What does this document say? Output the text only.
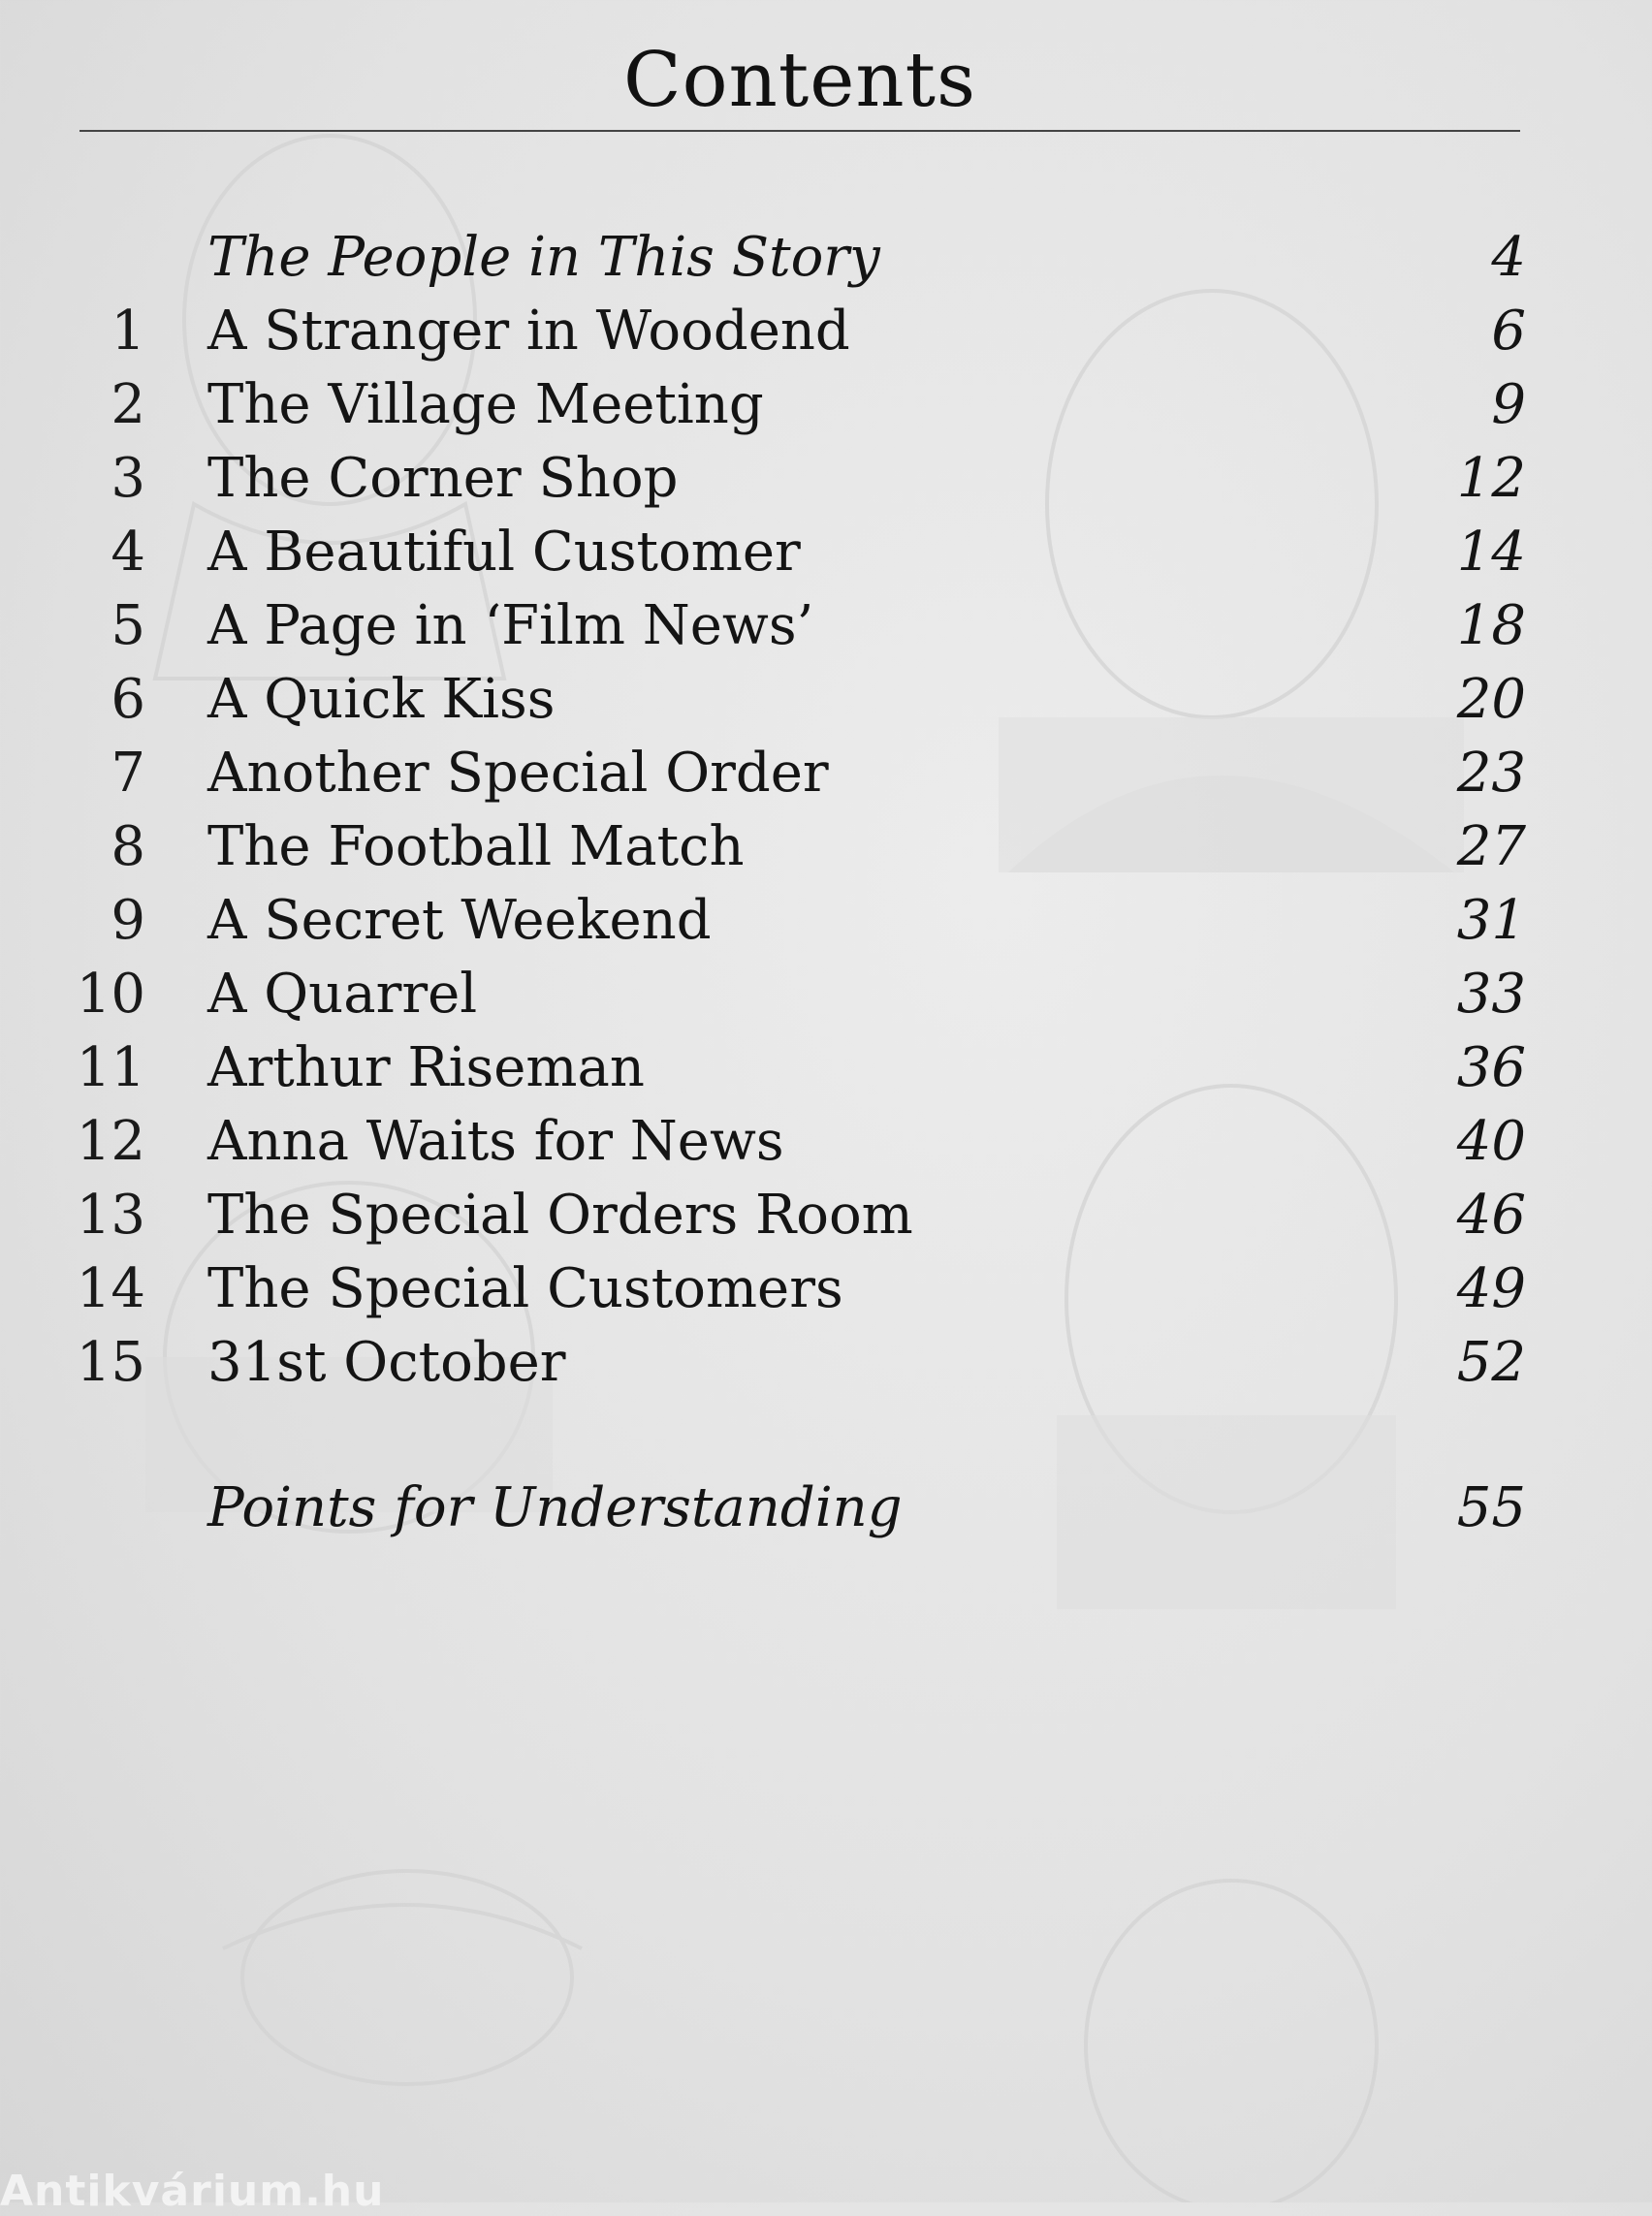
Contents
The People in This Story	4
1 A Stranger in Woodend	6
2 The Village Meeting	9
3 The Corner Shop	12
4 A Beautiful Customer	14
5 A Page in ‘Film News’	18
6 A Quick Kiss	20
7 Another Special Order	23
8 The Football Match	27
9 A Secret Weekend	31
10 A Quarrel	33
11 Arthur Riseman	36
12 Anna Waits for News	40
13 The Special Orders Room	46
14 The Special Customers	49
15 31st October	52
Points for Understanding	55
Antikvárium.hu
